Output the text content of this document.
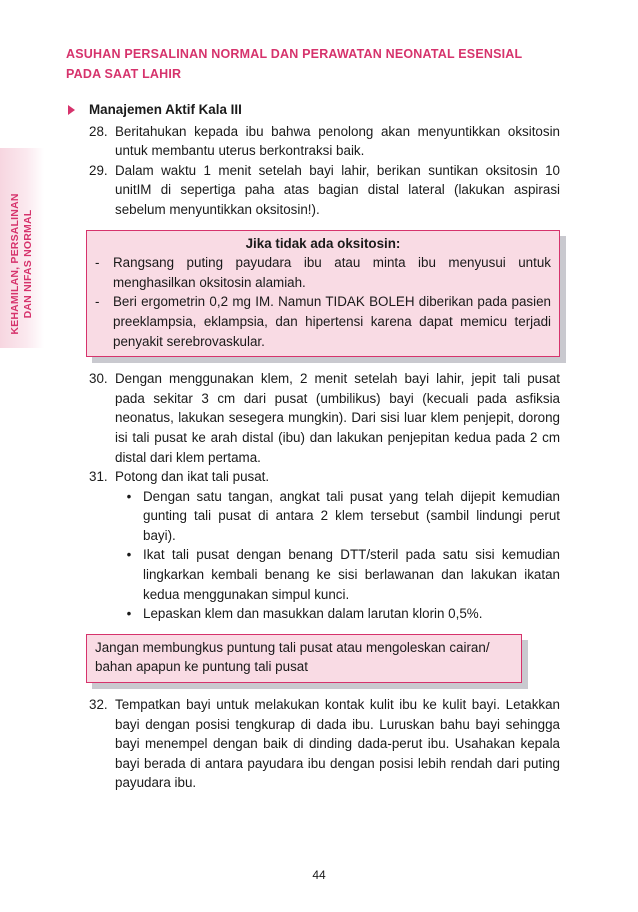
KEHAMILAN, PERSALINAN DAN NIFAS NORMAL
ASUHAN PERSALINAN NORMAL DAN PERAWATAN NEONATAL ESENSIAL
PADA SAAT LAHIR
Manajemen Aktif Kala III
28. Beritahukan kepada ibu bahwa penolong akan menyuntikkan oksitosin untuk membantu uterus berkontraksi baik.
29. Dalam waktu 1 menit setelah bayi lahir, berikan suntikan oksitosin 10 unitIM di sepertiga paha atas bagian distal lateral (lakukan aspirasi sebelum menyuntikkan oksitosin!).
Jika tidak ada oksitosin:
-	Rangsang puting payudara ibu atau minta ibu menyusui untuk menghasilkan oksitosin alamiah.
-	Beri ergometrin 0,2 mg IM. Namun TIDAK BOLEH diberikan pada pasien preeklampsia, eklampsia, dan hipertensi karena dapat memicu terjadi penyakit serebrovaskular.
30. Dengan menggunakan klem, 2 menit setelah bayi lahir, jepit tali pusat pada sekitar 3 cm dari pusat (umbilikus) bayi (kecuali pada asfiksia neonatus, lakukan sesegera mungkin). Dari sisi luar klem penjepit, dorong isi tali pusat ke arah distal (ibu) dan lakukan penjepitan kedua pada 2 cm distal dari klem pertama.
31. Potong dan ikat tali pusat.
• Dengan satu tangan, angkat tali pusat yang telah dijepit kemudian gunting tali pusat di antara 2 klem tersebut (sambil lindungi perut bayi).
• Ikat tali pusat dengan benang DTT/steril pada satu sisi kemudian lingkarkan kembali benang ke sisi berlawanan dan lakukan ikatan kedua menggunakan simpul kunci.
• Lepaskan klem dan masukkan dalam larutan klorin 0,5%.
Jangan membungkus puntung tali pusat atau mengoleskan cairan/ bahan apapun ke puntung tali pusat
32. Tempatkan bayi untuk melakukan kontak kulit ibu ke kulit bayi. Letakkan bayi dengan posisi tengkurap di dada ibu. Luruskan bahu bayi sehingga bayi menempel dengan baik di dinding dada-perut ibu. Usahakan kepala bayi berada di antara payudara ibu dengan posisi lebih rendah dari puting payudara ibu.
44
